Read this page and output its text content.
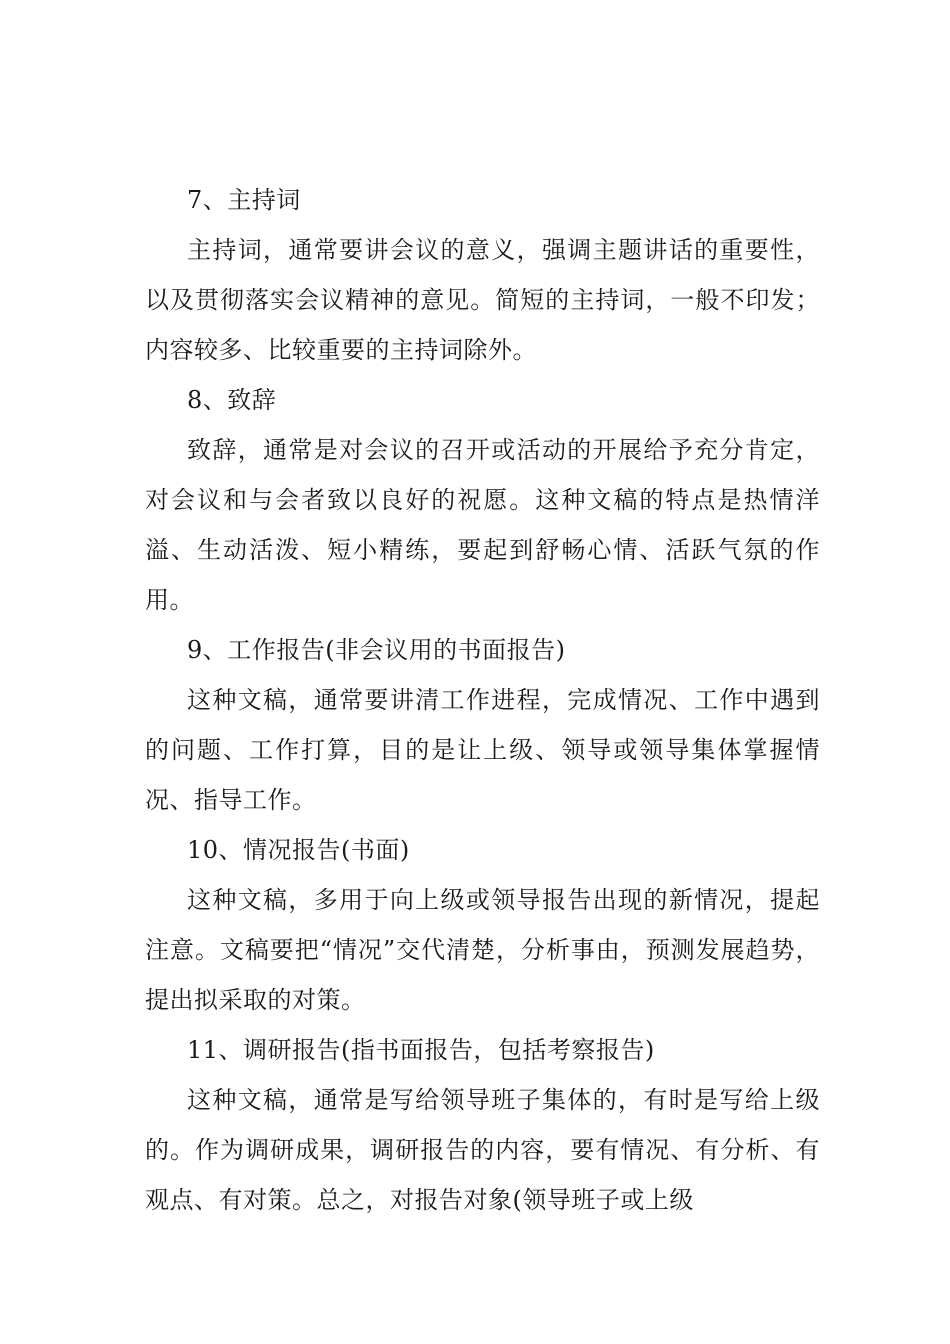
7、主持词

主持词，通常要讲会议的意义，强调主题讲话的重要性，以及贯彻落实会议精神的意见。简短的主持词，一般不印发；内容较多、比较重要的主持词除外。

8、致辞

致辞，通常是对会议的召开或活动的开展给予充分肯定，对会议和与会者致以良好的祝愿。这种文稿的特点是热情洋溢、生动活泼、短小精练，要起到舒畅心情、活跃气氛的作用。

9、工作报告(非会议用的书面报告)

这种文稿，通常要讲清工作进程，完成情况、工作中遇到的问题、工作打算，目的是让上级、领导或领导集体掌握情况、指导工作。

10、情况报告(书面)

这种文稿，多用于向上级或领导报告出现的新情况，提起注意。文稿要把“情况”交代清楚，分析事由，预测发展趋势，提出拟采取的对策。

11、调研报告(指书面报告，包括考察报告)

这种文稿，通常是写给领导班子集体的，有时是写给上级的。作为调研成果，调研报告的内容，要有情况、有分析、有观点、有对策。总之，对报告对象(领导班子或上级
